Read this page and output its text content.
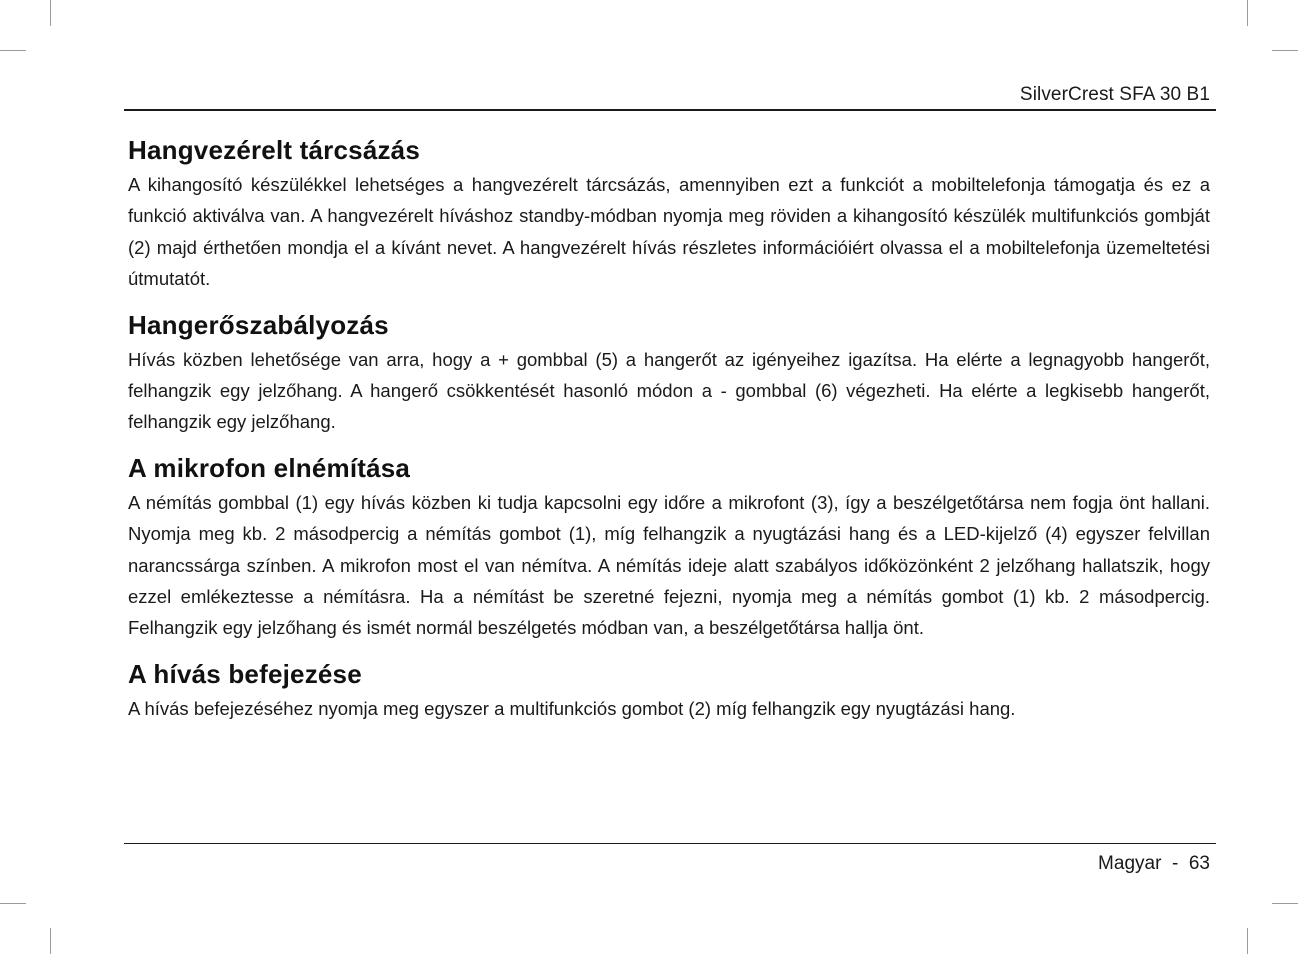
SilverCrest SFA 30 B1
Hangvezérelt tárcsázás

A kihangosító készülékkel lehetséges a hangvezérelt tárcsázás, amennyiben ezt a funkciót a mobiltelefonja támogatja és ez a funkció aktiválva van. A hangvezérelt híváshoz standby-módban nyomja meg röviden a kihangosító készülék multifunkciós gombját (2) majd érthetően mondja el a kívánt nevet. A hangvezérelt hívás részletes információiért olvassa el a mobiltelefonja üzemeltetési útmutatót.

Hangerőszabályozás

Hívás közben lehetősége van arra, hogy a + gombbal (5) a hangerőt az igényeihez igazítsa. Ha elérte a legnagyobb hangerőt, felhangzik egy jelzőhang. A hangerő csökkentését hasonló módon a - gombbal (6) végezheti. Ha elérte a legkisebb hangerőt, felhangzik egy jelzőhang.

A mikrofon elnémítása

A némítás gombbal (1) egy hívás közben ki tudja kapcsolni egy időre a mikrofont (3), így a beszélgetőtársa nem fogja önt hallani. Nyomja meg kb. 2 másodpercig a némítás gombot (1), míg felhangzik a nyugtázási hang és a LED-kijelző (4) egyszer felvillan narancssárga színben. A mikrofon most el van némítva. A némítás ideje alatt szabályos időközönként 2 jelzőhang hallatszik, hogy ezzel emlékeztesse a némításra. Ha a némítást be szeretné fejezni, nyomja meg a némítás gombot (1) kb. 2 másodpercig. Felhangzik egy jelzőhang és ismét normál beszélgetés módban van, a beszélgetőtársa hallja önt.

A hívás befejezése

A hívás befejezéséhez nyomja meg egyszer a multifunkciós gombot (2) míg felhangzik egy nyugtázási hang.

Magyar - 63
